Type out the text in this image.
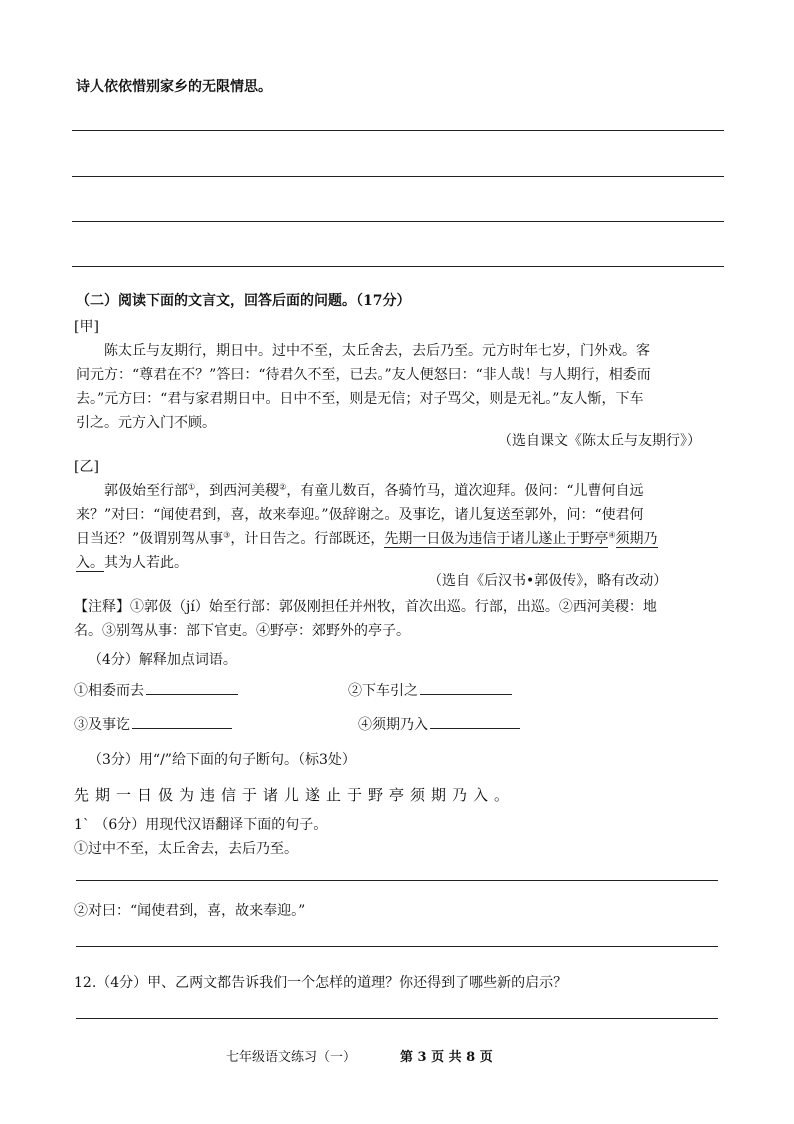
诗人依依惜别家乡的无限情思。
（二）阅读下面的文言文，回答后面的问题。（17分）
[甲]
陈太丘与友期行，期日中。过中不至，太丘舍去，去后乃至。元方时年七岁，门外戏。客
问元方：“尊君在不？”答曰：“待君久不至，已去。”友人便怒曰：“非人哉！与人期行，相委而
去。”元方曰：“君与家君期日中。日中不至，则是无信；对子骂父，则是无礼。”友人惭，下车
引之。元方入门不顾。
（选自课文《陈太丘与友期行》）
[乙]
郭伋始至行部①，到西河美稷②，有童儿数百，各骑竹马，道次迎拜。伋问：“儿曹何自远
来？”对曰：“闻使君到，喜，故来奉迎。”伋辞谢之。及事讫，诸儿复送至郭外，问：“使君何
日当还？”伋谓别驾从事③，计日告之。行部既还，先期一日伋为违信于诸儿遂止于野亭④须期乃
入。其为人若此。
（选自《后汉书•郭伋传》，略有改动）
【注释】①郭伋（jí）始至行部：郭伋刚担任并州牧，首次出巡。行部，出巡。②西河美稷：地
名。③别驾从事：部下官吏。④野亭：郊野外的亭子。
（4分）解释加点词语。
①相委而去	②下车引之
③及事讫	④须期乃入
（3分）用“/”给下面的句子断句。（标3处）
先期一日伋为违信于诸儿遂止于野亭须期乃入。
1` （6分）用现代汉语翻译下面的句子。
①过中不至，太丘舍去，去后乃至。
②对曰：“闻使君到，喜，故来奉迎。”
12.（4分）甲、乙两文都告诉我们一个怎样的道理？你还得到了哪些新的启示？
七年级语文练习（一）	第 3 页 共 8 页
